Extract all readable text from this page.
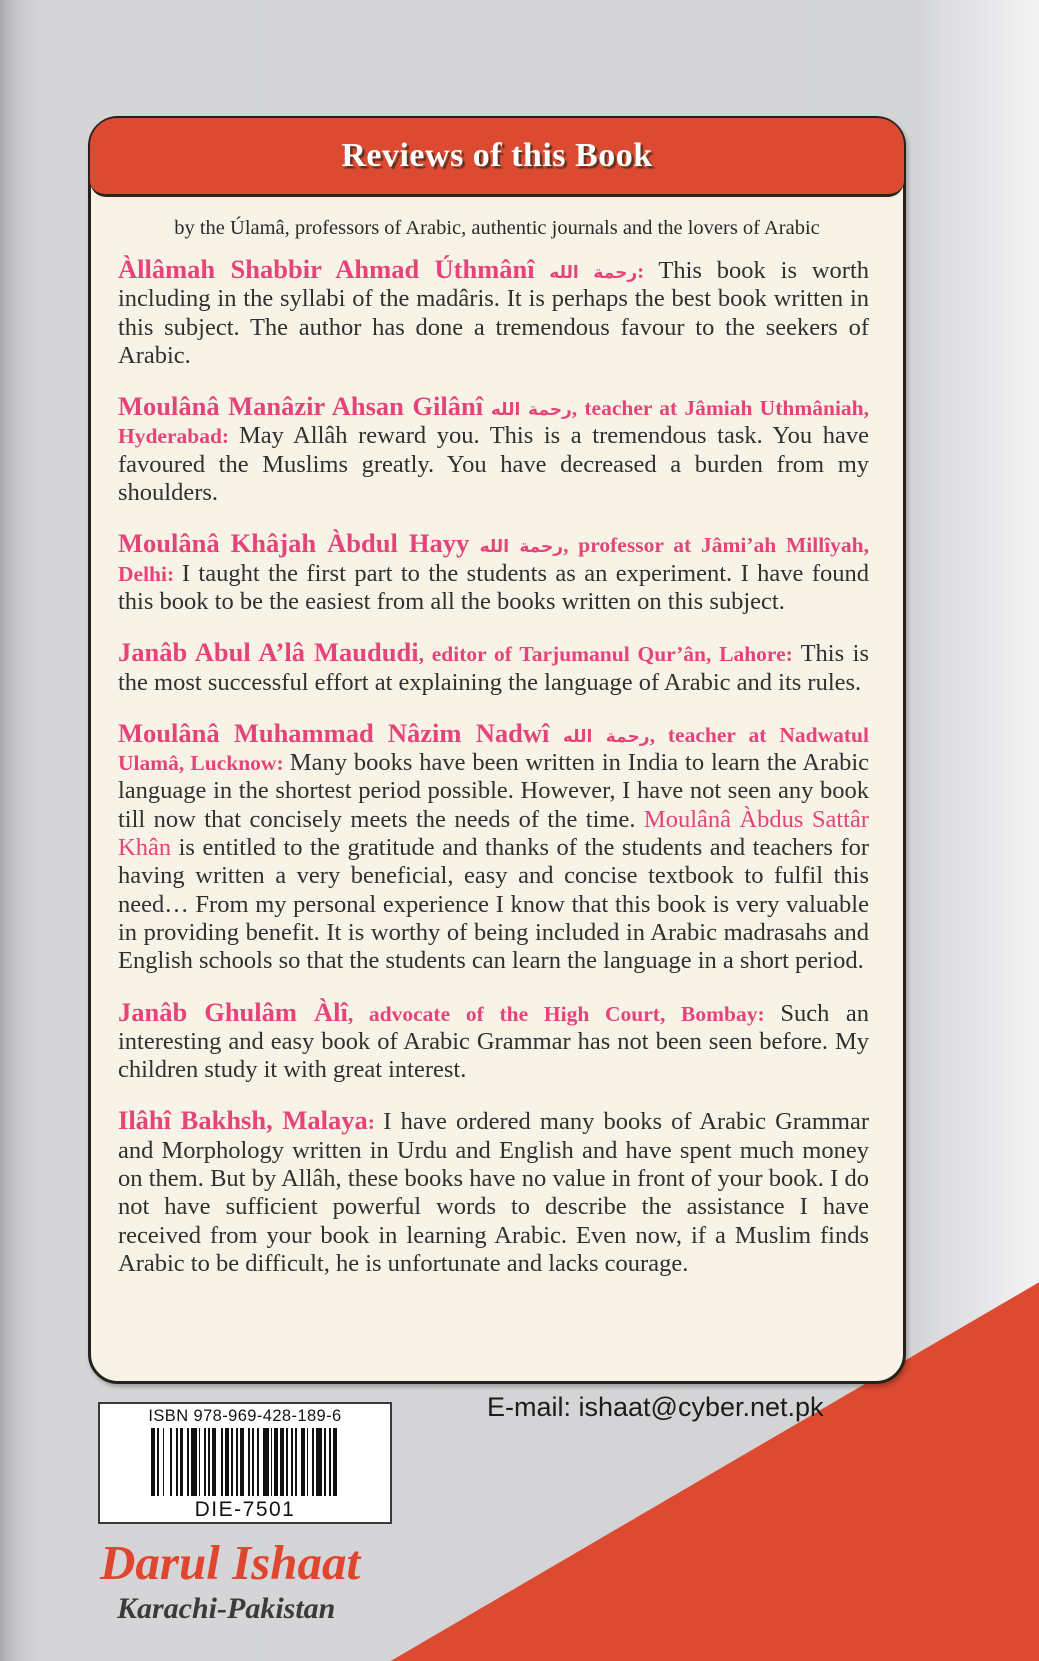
Reviews of this Book
by the Úlamâ, professors of Arabic, authentic journals and the lovers of Arabic

Àllâmah Shabbir Ahmad Úthmânî رحمة الله: This book is worth including in the syllabi of the madâris. It is perhaps the best book written in this subject. The author has done a tremendous favour to the seekers of Arabic.

Moulânâ Manâzir Ahsan Gilânî رحمة الله, teacher at Jâmiah Uthmâniah, Hyderabad: May Allâh reward you. This is a tremendous task. You have favoured the Muslims greatly. You have decreased a burden from my shoulders.

Moulânâ Khâjah Àbdul Hayy رحمة الله, professor at Jâmi’ah Millîyah, Delhi: I taught the first part to the students as an experiment. I have found this book to be the easiest from all the books written on this subject.

Janâb Abul A’lâ Maududi, editor of Tarjumanul Qur’ân, Lahore: This is the most successful effort at explaining the language of Arabic and its rules.

Moulânâ Muhammad Nâzim Nadwî رحمة الله, teacher at Nadwatul Ulamâ, Lucknow: Many books have been written in India to learn the Arabic language in the shortest period possible. However, I have not seen any book till now that concisely meets the needs of the time. Moulânâ Àbdus Sattâr Khân is entitled to the gratitude and thanks of the students and teachers for having written a very beneficial, easy and concise textbook to fulfil this need… From my personal experience I know that this book is very valuable in providing benefit. It is worthy of being included in Arabic madrasahs and English schools so that the students can learn the language in a short period.

Janâb Ghulâm Àlî, advocate of the High Court, Bombay: Such an interesting and easy book of Arabic Grammar has not been seen before. My children study it with great interest.

Ilâhî Bakhsh, Malaya: I have ordered many books of Arabic Grammar and Morphology written in Urdu and English and have spent much money on them. But by Allâh, these books have no value in front of your book. I do not have sufficient powerful words to describe the assistance I have received from your book in learning Arabic. Even now, if a Muslim finds Arabic to be difficult, he is unfortunate and lacks courage.

ISBN 978-969-428-189-6
DIE-7501
E-mail: ishaat@cyber.net.pk
Darul Ishaat
Karachi-Pakistan
